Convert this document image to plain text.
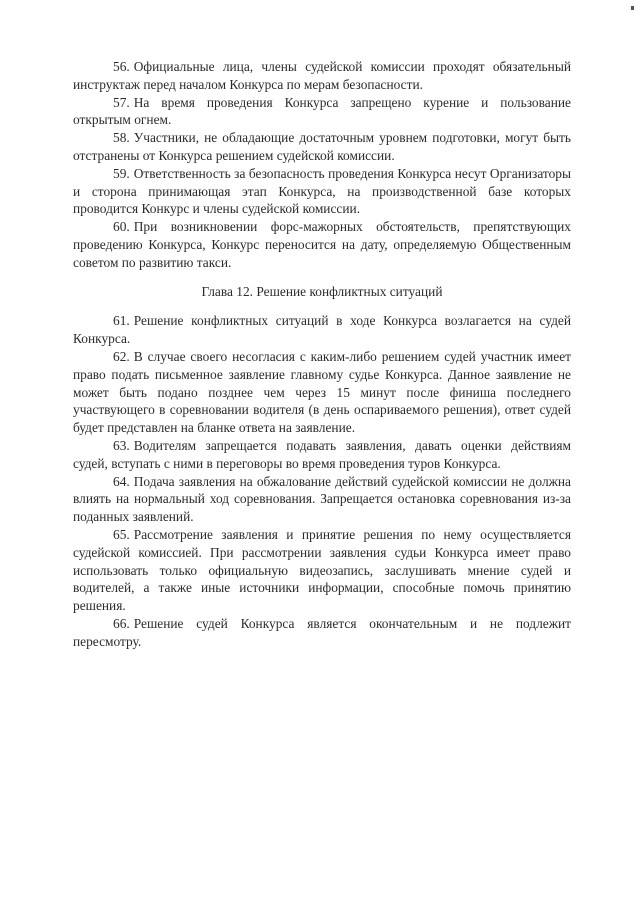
56. Официальные лица, члены судейской комиссии проходят обязательный инструктаж перед началом Конкурса по мерам безопасности.

57. На время проведения Конкурса запрещено курение и пользование открытым огнем.

58. Участники, не обладающие достаточным уровнем подготовки, могут быть отстранены от Конкурса решением судейской комиссии.

59. Ответственность за безопасность проведения Конкурса несут Организаторы и сторона принимающая этап Конкурса, на производственной базе которых проводится Конкурс и члены судейской комиссии.

60. При возникновении форс-мажорных обстоятельств, препятствующих проведению Конкурса, Конкурс переносится на дату, определяемую Общественным советом по развитию такси.

Глава 12. Решение конфликтных ситуаций

61. Решение конфликтных ситуаций в ходе Конкурса возлагается на судей Конкурса.

62. В случае своего несогласия с каким-либо решением судей участник имеет право подать письменное заявление главному судье Конкурса. Данное заявление не может быть подано позднее чем через 15 минут после финиша последнего участвующего в соревновании водителя (в день оспариваемого решения), ответ судей будет представлен на бланке ответа на заявление.

63. Водителям запрещается подавать заявления, давать оценки действиям судей, вступать с ними в переговоры во время проведения туров Конкурса.

64. Подача заявления на обжалование действий судейской комиссии не должна влиять на нормальный ход соревнования. Запрещается остановка соревнования из-за поданных заявлений.

65. Рассмотрение заявления и принятие решения по нему осуществляется судейской комиссией. При рассмотрении заявления судьи Конкурса имеет право использовать только официальную видеозапись, заслушивать мнение судей и водителей, а также иные источники информации, способные помочь принятию решения.

66. Решение судей Конкурса является окончательным и не подлежит пересмотру.
